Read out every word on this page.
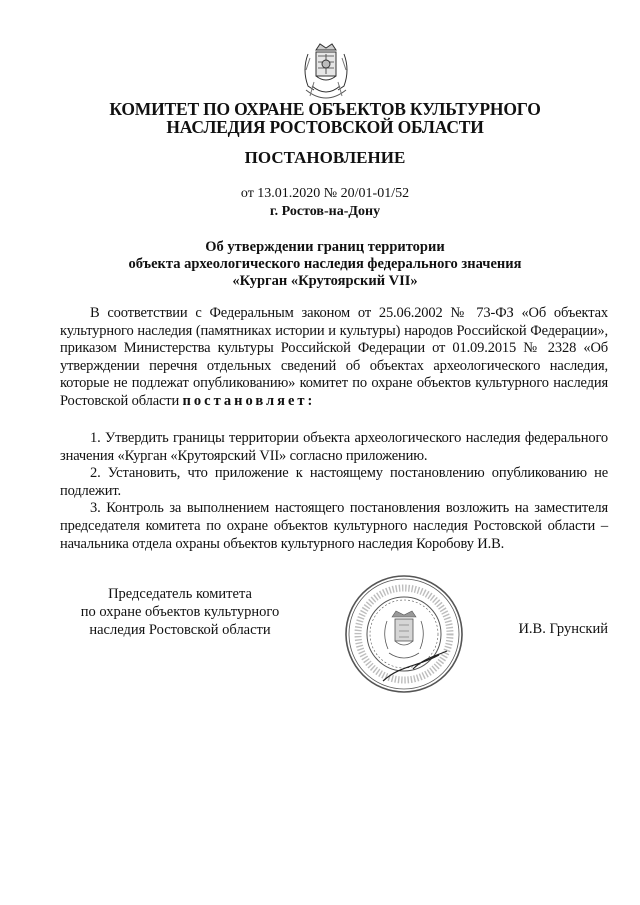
КОМИТЕТ ПО ОХРАНЕ ОБЪЕКТОВ КУЛЬТУРНОГО
НАСЛЕДИЯ РОСТОВСКОЙ ОБЛАСТИ
ПОСТАНОВЛЕНИЕ
от 13.01.2020 № 20/01-01/52
г. Ростов-на-Дону
Об утверждении границ территории
объекта археологического наследия федерального значения
«Курган «Крутоярский VII»
В соответствии с Федеральным законом от 25.06.2002 № 73-ФЗ «Об объектах культурного наследия (памятниках истории и культуры) народов Российской Федерации», приказом Министерства культуры Российской Федерации от 01.09.2015 № 2328 «Об утверждении перечня отдельных сведений об объектах археологического наследия, которые не подлежат опубликованию» комитет по охране объектов культурного наследия Ростовской области постановляет:

1. Утвердить границы территории объекта археологического наследия федерального значения «Курган «Крутоярский VII» согласно приложению.

2. Установить, что приложение к настоящему постановлению опубликованию не подлежит.

3. Контроль за выполнением настоящего постановления возложить на заместителя председателя комитета по охране объектов культурного наследия Ростовской области – начальника отдела охраны объектов культурного наследия Коробову И.В.

Председатель комитета
по охране объектов культурного
наследия Ростовской области	И.В. Грунский
